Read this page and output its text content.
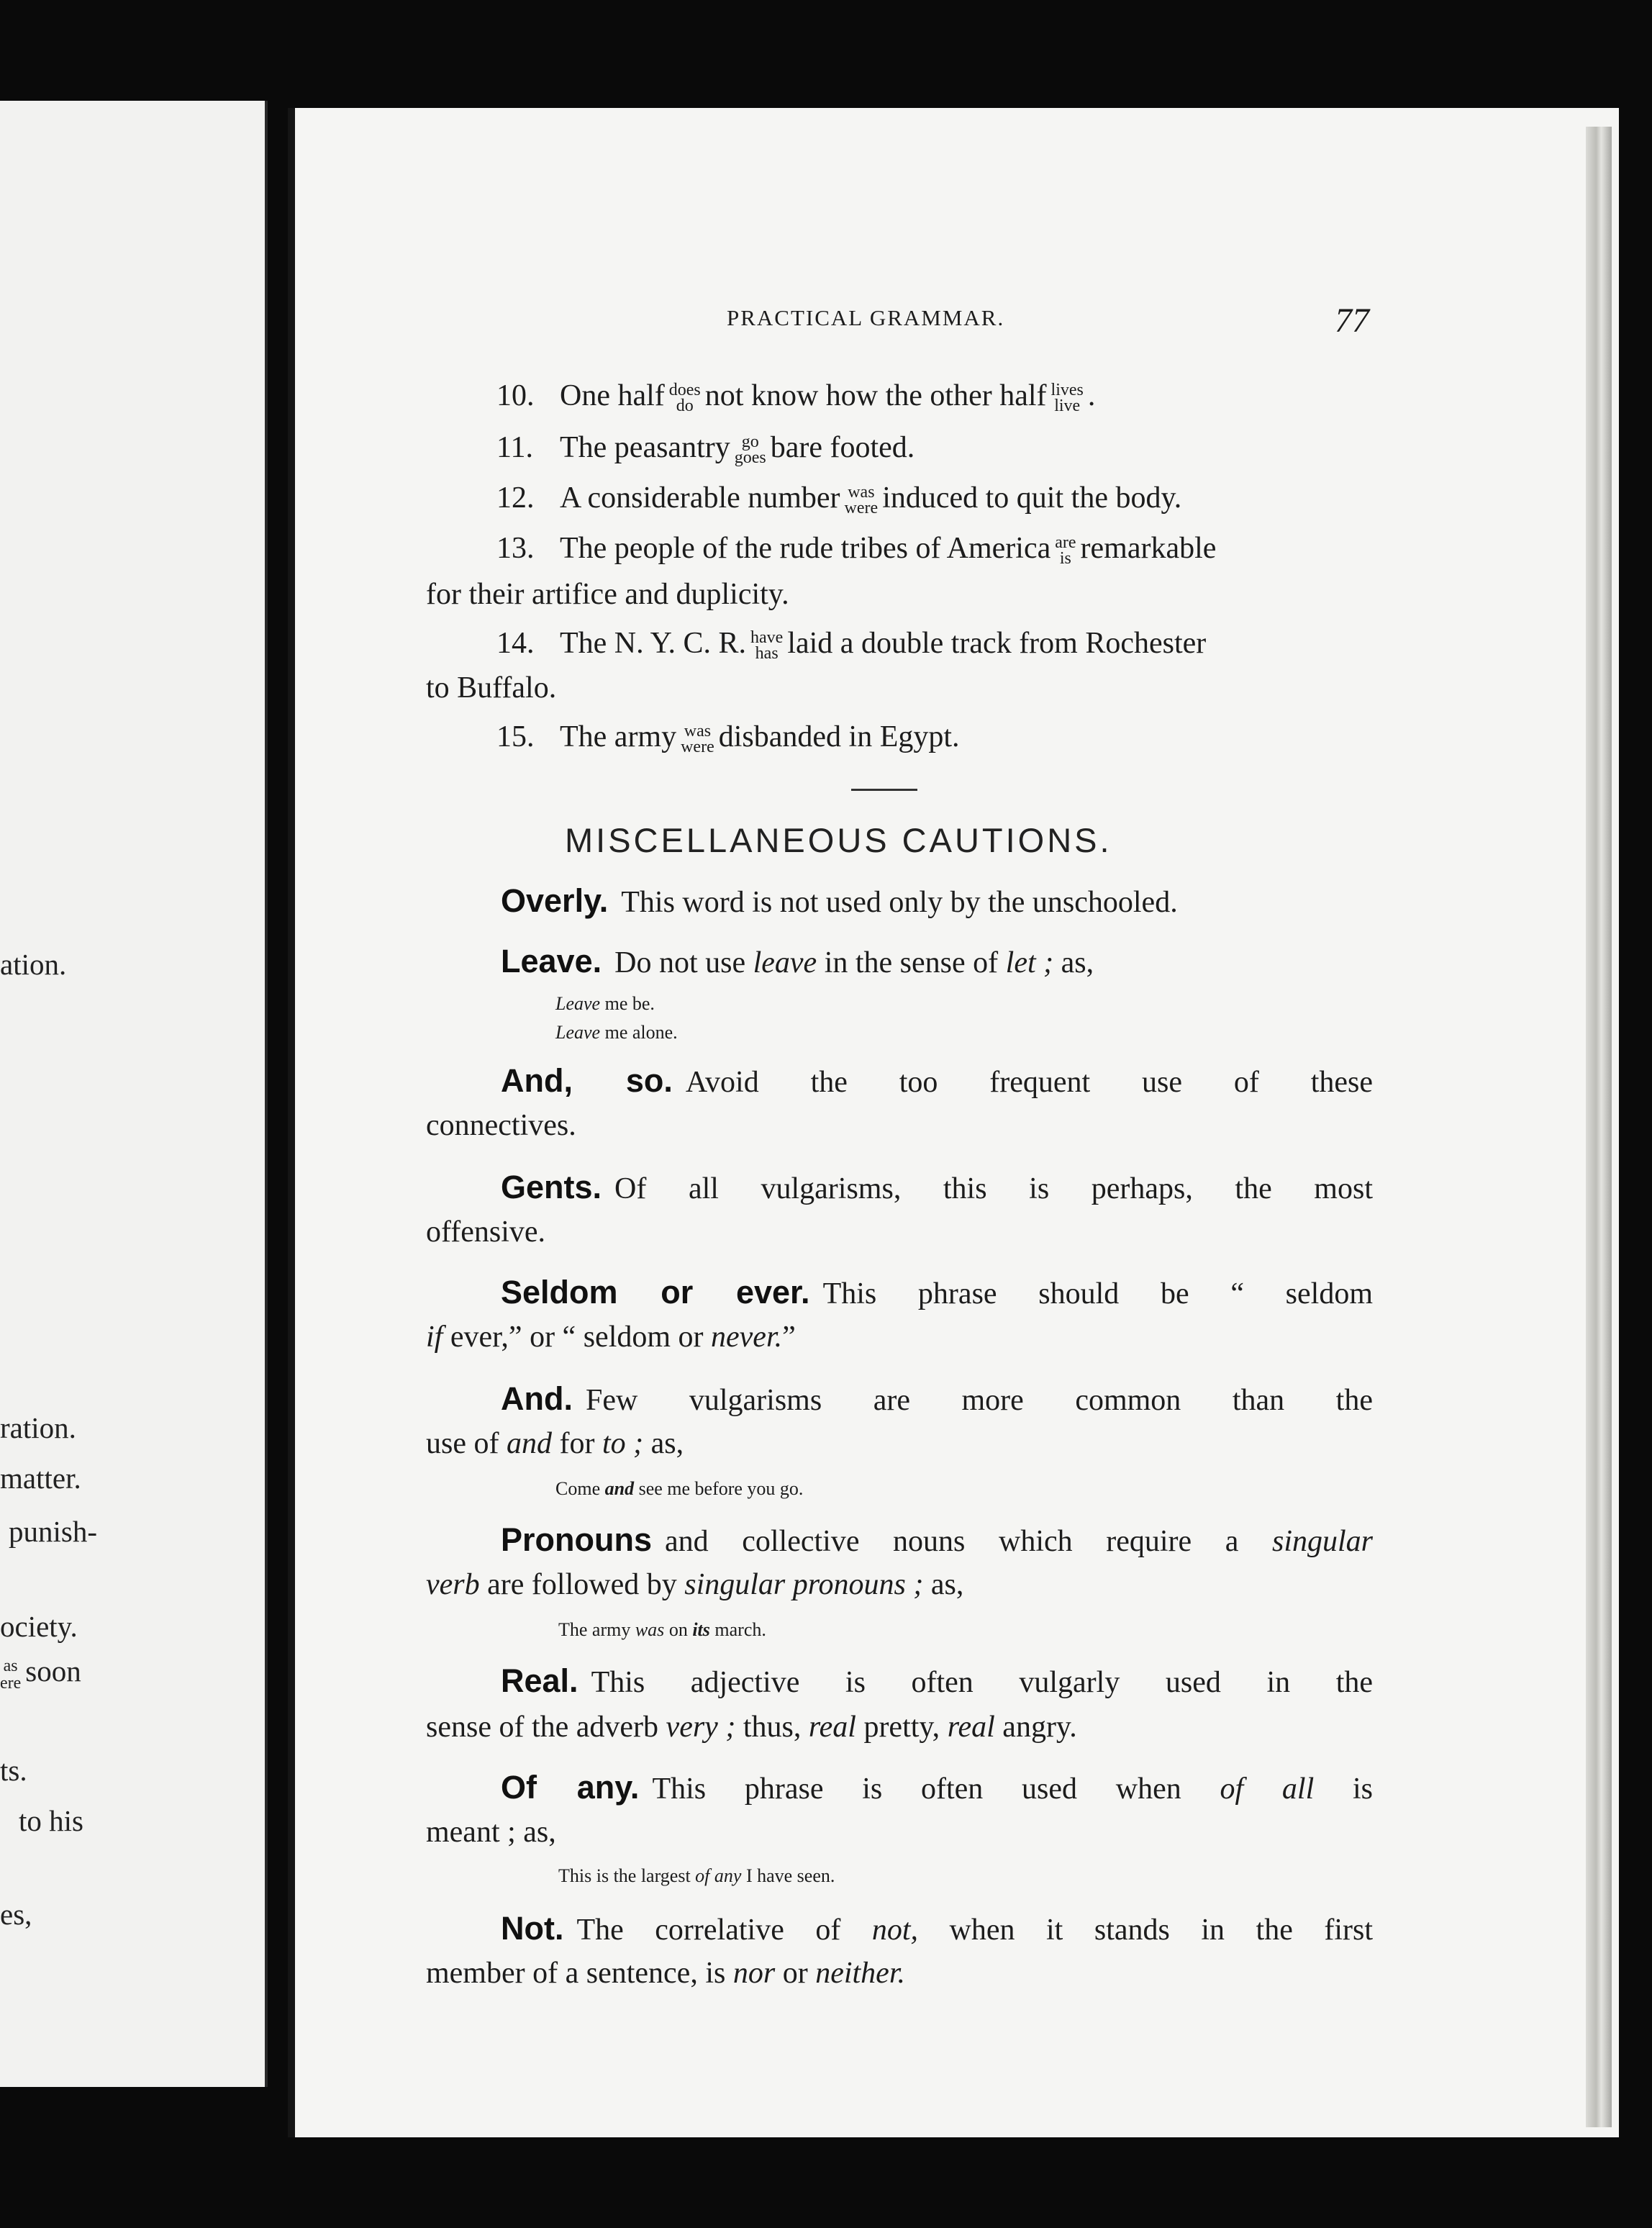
ation.
ration.
matter.
punish-
ociety.
as
ere soon
ts.
to his
es,
PRACTICAL GRAMMAR.	77
10. One half does
do not know how the other half lives
live .
11. The peasantry go
goes bare footed.
12. A considerable number was
were induced to quit the body.
13. The people of the rude tribes of America are
is remarkable
for their artifice and duplicity.
14. The N. Y. C. R. have
has laid a double track from Rochester
to Buffalo.
15. The army was
were disbanded in Egypt.
MISCELLANEOUS CAUTIONS.
Overly. This word is not used only by the unschooled.
Leave. Do not use leave in the sense of let ; as,
Leave me be.
Leave me alone.
And, so. Avoid the too frequent use of these
connectives.
Gents. Of all vulgarisms, this is perhaps, the most
offensive.
Seldom or ever. This phrase should be “ seldom
if ever,” or “ seldom or never.”
And. Few vulgarisms are more common than the
use of and for to ; as,
Come and see me before you go.
Pronouns and collective nouns which require a singular
verb are followed by singular pronouns ; as,
The army was on its march.
Real. This adjective is often vulgarly used in the
sense of the adverb very ; thus, real pretty, real angry.
Of any. This phrase is often used when of all is
meant ; as,
This is the largest of any I have seen.
Not. The correlative of not, when it stands in the first
member of a sentence, is nor or neither.
